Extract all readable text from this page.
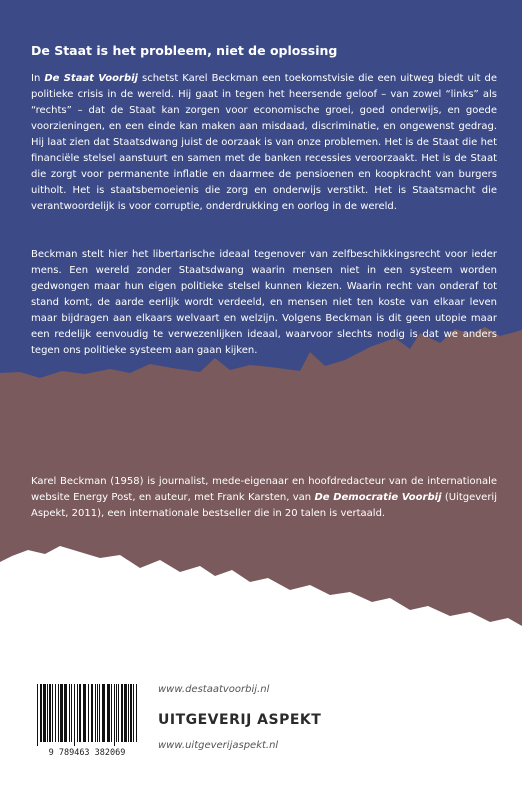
De Staat is het probleem, niet de oplossing

In De Staat Voorbij schetst Karel Beckman een toekomstvisie die een uitweg biedt uit de politieke crisis in de wereld. Hij gaat in tegen het heersende geloof – van zowel “links” als “rechts” – dat de Staat kan zorgen voor economische groei, goed onderwijs, en goede voorzieningen, en een einde kan maken aan misdaad, discriminatie, en ongewenst gedrag. Hij laat zien dat Staatsdwang juist de oorzaak is van onze problemen. Het is de Staat die het financiële stelsel aanstuurt en samen met de banken recessies veroorzaakt. Het is de Staat die zorgt voor permanente inflatie en daarmee de pensioenen en koopkracht van burgers uitholt. Het is staatsbemoeienis die zorg en onderwijs verstikt. Het is Staatsmacht die verantwoordelijk is voor corruptie, onderdrukking en oorlog in de wereld.

Beckman stelt hier het libertarische ideaal tegenover van zelfbeschikkingsrecht voor ieder mens. Een wereld zonder Staatsdwang waarin mensen niet in een systeem worden gedwongen maar hun eigen politieke stelsel kunnen kiezen. Waarin recht van onderaf tot stand komt, de aarde eerlijk wordt verdeeld, en mensen niet ten koste van elkaar leven maar bijdragen aan elkaars welvaart en welzijn. Volgens Beckman is dit geen utopie maar een redelijk eenvoudig te verwezenlijken ideaal, waarvoor slechts nodig is dat we anders tegen ons politieke systeem aan gaan kijken.

Karel Beckman (1958) is journalist, mede-eigenaar en hoofdredacteur van de internationale website Energy Post, en auteur, met Frank Karsten, van De Democratie Voorbij (Uitgeverij Aspekt, 2011), een internationale bestseller die in 20 talen is vertaald.

9 789463 382069
www.destaatvoorbij.nl
UITGEVERIJ ASPEKT
www.uitgeverijaspekt.nl
